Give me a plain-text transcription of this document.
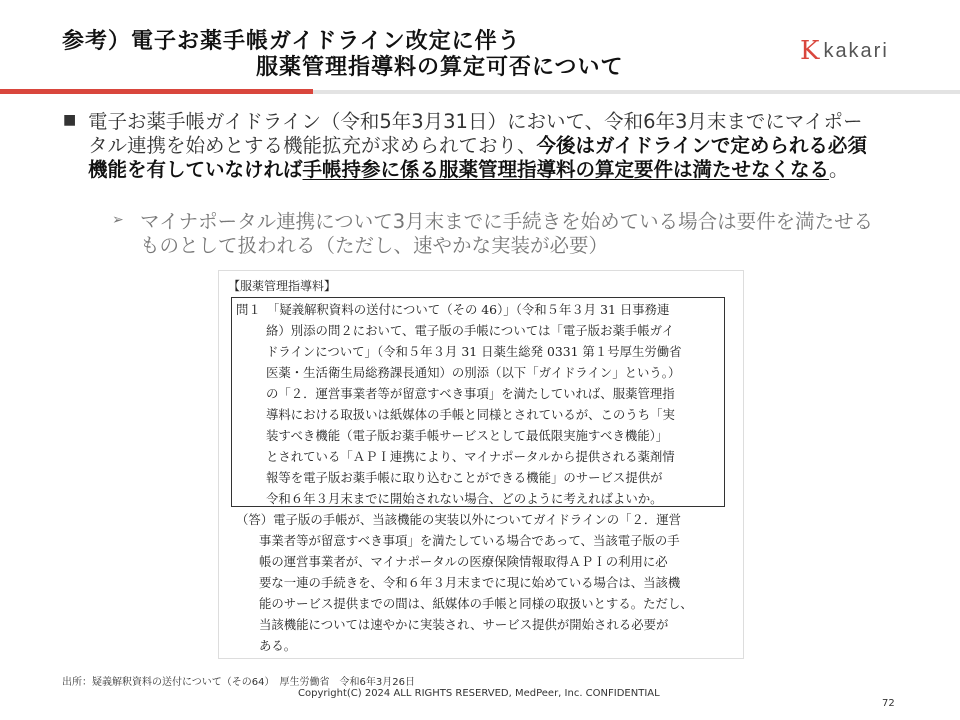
参考）電子お薬手帳ガイドライン改定に伴う
服薬管理指導料の算定可否について
K kakari
■ 電子お薬手帳ガイドライン（令和5年3月31日）において、令和6年3月末までにマイポータル連携を始めとする機能拡充が求められており、今後はガイドラインで定められる必須機能を有していなければ手帳持参に係る服薬管理指導料の算定要件は満たせなくなる。
➢ マイナポータル連携について3月末までに手続きを始めている場合は要件を満たせるものとして扱われる（ただし、速やかな実装が必要）
【服薬管理指導料】
問１　「疑義解釈資料の送付について（その 46）」（令和５年３月 31 日事務連
絡）別添の問２において、電子版の手帳については「電子版お薬手帳ガイ
ドラインについて」（令和５年３月 31 日薬生総発 0331 第１号厚生労働省
医薬・生活衛生局総務課長通知）の別添（以下「ガイドライン」という。）
の「２．運営事業者等が留意すべき事項」を満たしていれば、服薬管理指
導料における取扱いは紙媒体の手帳と同様とされているが、このうち「実
装すべき機能（電子版お薬手帳サービスとして最低限実施すべき機能）」
とされている「ＡＰＩ連携により、マイナポータルから提供される薬剤情
報等を電子版お薬手帳に取り込むことができる機能」のサービス提供が
令和６年３月末までに開始されない場合、どのように考えればよいか。
（答）電子版の手帳が、当該機能の実装以外についてガイドラインの「２．運営
事業者等が留意すべき事項」を満たしている場合であって、当該電子版の手
帳の運営事業者が、マイナポータルの医療保険情報取得ＡＰＩの利用に必
要な一連の手続きを、令和６年３月末までに現に始めている場合は、当該機
能のサービス提供までの間は、紙媒体の手帳と同様の取扱いとする。ただし、
当該機能については速やかに実装され、サービス提供が開始される必要が
ある。
出所：疑義解釈資料の送付について（その64）　厚生労働省　令和6年3月26日
Copyright(C) 2024 ALL RIGHTS RESERVED, MedPeer, Inc. CONFIDENTIAL
72
